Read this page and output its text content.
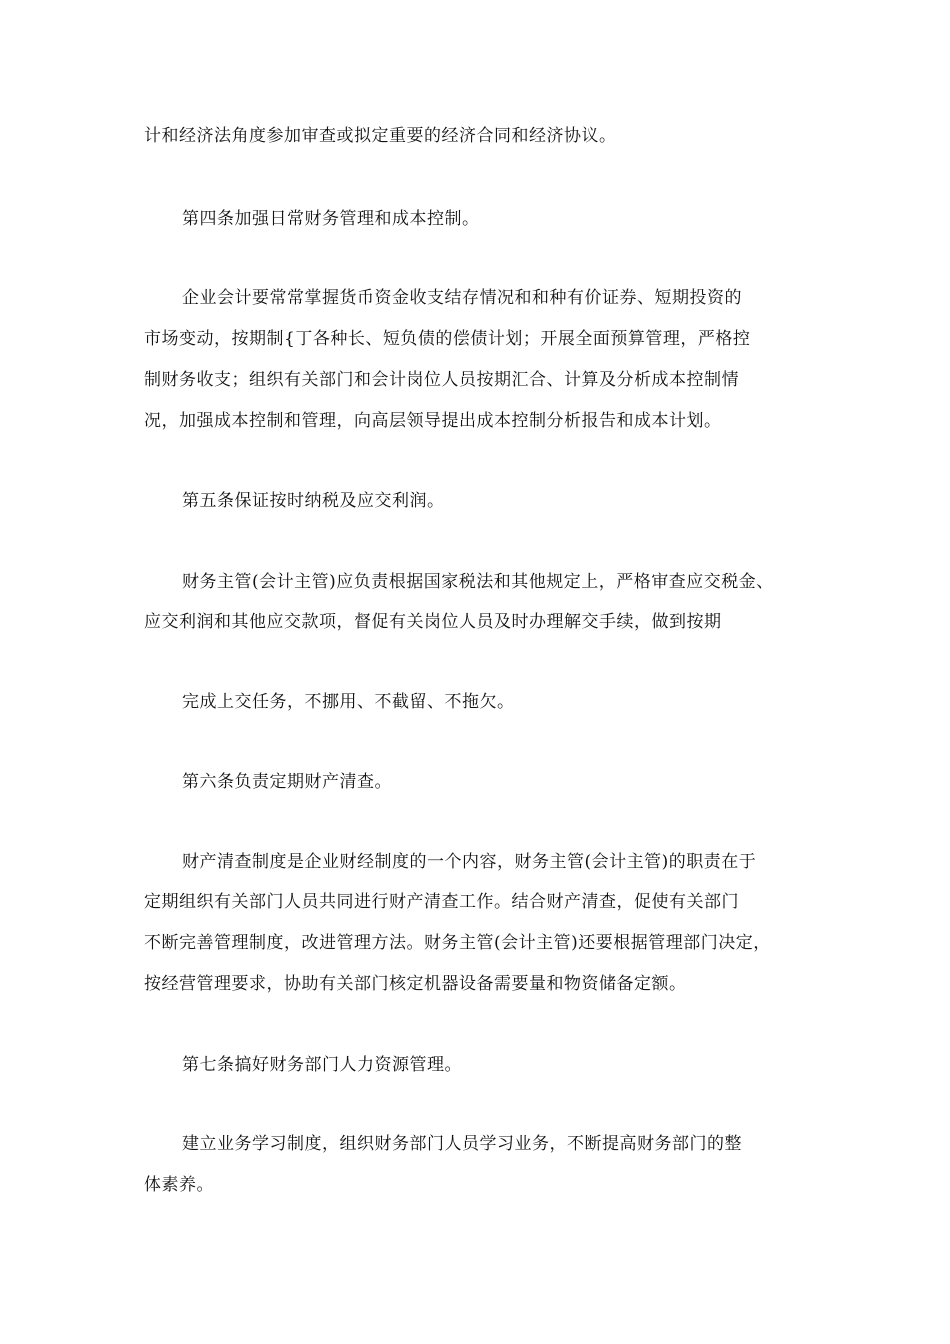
计和经济法角度参加审查或拟定重要的经济合同和经济协议。
第四条加强日常财务管理和成本控制。
企业会计要常常掌握货币资金收支结存情况和和种有价证券、短期投资的
市场变动，按期制{丁各种长、短负债的偿债计划；开展全面预算管理，严格控
制财务收支；组织有关部门和会计岗位人员按期汇合、计算及分析成本控制情
况，加强成本控制和管理，向高层领导提出成本控制分析报告和成本计划。
第五条保证按时纳税及应交利润。
财务主管(会计主管)应负责根据国家税法和其他规定上，严格审查应交税金、
应交利润和其他应交款项，督促有关岗位人员及时办理解交手续，做到按期
完成上交任务，不挪用、不截留、不拖欠。
第六条负责定期财产清查。
财产清查制度是企业财经制度的一个内容，财务主管(会计主管)的职责在于
定期组织有关部门人员共同进行财产清查工作。结合财产清查，促使有关部门
不断完善管理制度，改进管理方法。财务主管(会计主管)还要根据管理部门决定，
按经营管理要求，协助有关部门核定机器设备需要量和物资储备定额。
第七条搞好财务部门人力资源管理。
建立业务学习制度，组织财务部门人员学习业务，不断提高财务部门的整
体素养。
